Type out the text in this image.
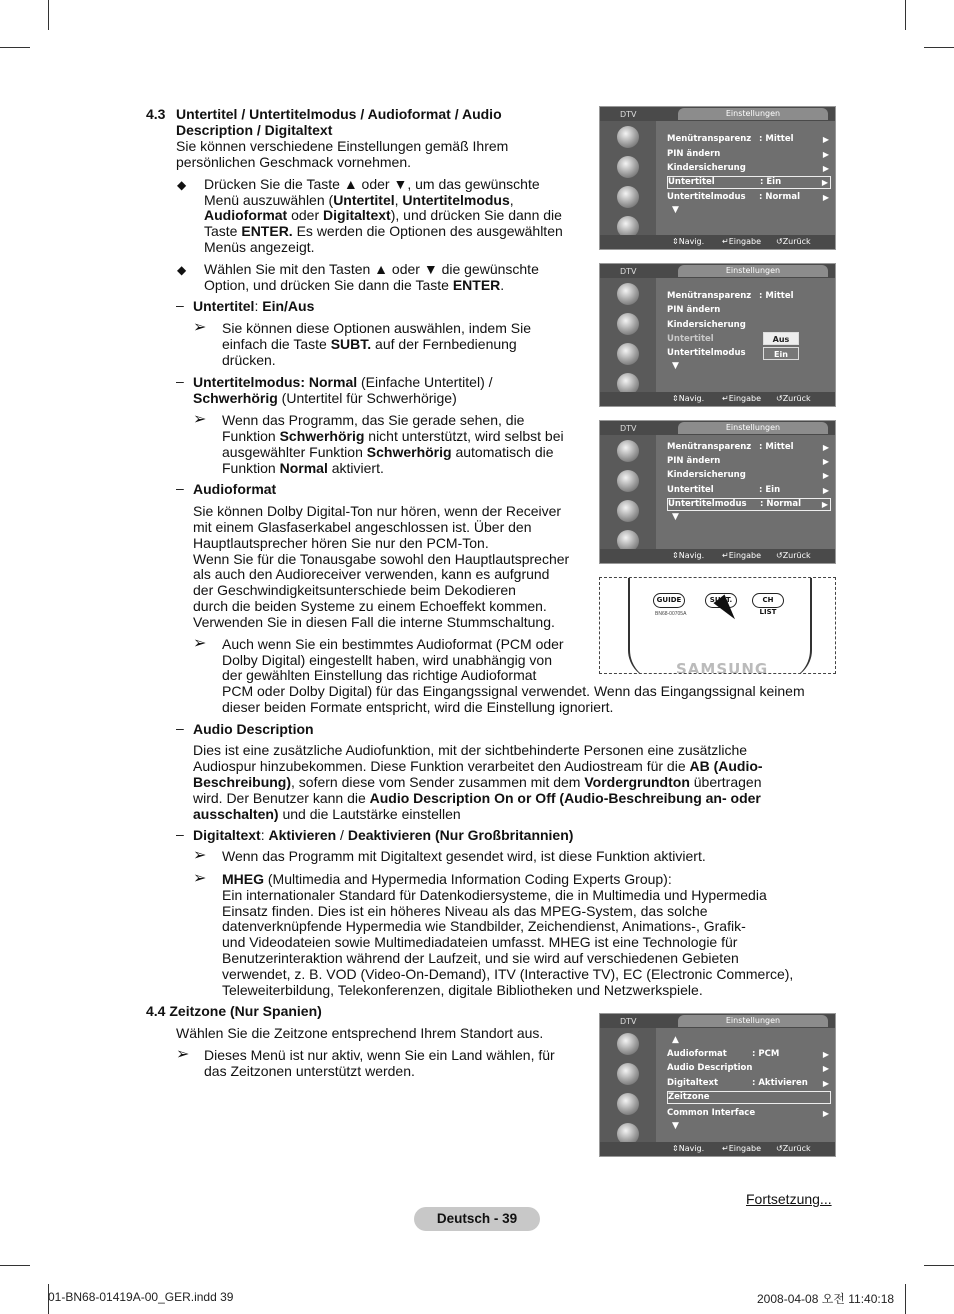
4.3 Untertitel / Untertitelmodus / Audioformat / Audio
Description / Digitaltext
Sie können verschiedene Einstellungen gemäß Ihrem
persönlichen Geschmack vornehmen.
◆ Drücken Sie die Taste ▲ oder ▼, um das gewünschte
Menü auszuwählen (Untertitel, Untertitelmodus,
Audioformat oder Digitaltext), und drücken Sie dann die
Taste ENTER. Es werden die Optionen des ausgewählten
Menüs angezeigt.
◆ Wählen Sie mit den Tasten ▲ oder ▼ die gewünschte
Option, und drücken Sie dann die Taste ENTER.
– Untertitel: Ein/Aus
➢ Sie können diese Optionen auswählen, indem Sie
einfach die Taste SUBT. auf der Fernbedienung
drücken.
– Untertitelmodus: Normal (Einfache Untertitel) /
Schwerhörig (Untertitel für Schwerhörige)
➢ Wenn das Programm, das Sie gerade sehen, die
Funktion Schwerhörig nicht unterstützt, wird selbst bei
ausgewählter Funktion Schwerhörig automatisch die
Funktion Normal aktiviert.
– Audioformat
Sie können Dolby Digital-Ton nur hören, wenn der Receiver
mit einem Glasfaserkabel angeschlossen ist. Über den
Hauptlautsprecher hören Sie nur den PCM-Ton.
Wenn Sie für die Tonausgabe sowohl den Hauptlautsprecher
als auch den Audioreceiver verwenden, kann es aufgrund
der Geschwindigkeitsunterschiede beim Dekodieren
durch die beiden Systeme zu einem Echoeffekt kommen.
Verwenden Sie in diesen Fall die interne Stummschaltung.
➢ Auch wenn Sie ein bestimmtes Audioformat (PCM oder
Dolby Digital) eingestellt haben, wird unabhängig von
der gewählten Einstellung das richtige Audioformat
PCM oder Dolby Digital) für das Eingangssignal verwendet. Wenn das Eingangssignal keinem
dieser beiden Formate entspricht, wird die Einstellung ignoriert.
– Audio Description
Dies ist eine zusätzliche Audiofunktion, mit der sichtbehinderte Personen eine zusätzliche
Audiospur hinzubekommen. Diese Funktion verarbeitet den Audiostream für die AB (Audio-
Beschreibung), sofern diese vom Sender zusammen mit dem Vordergrundton übertragen
wird. Der Benutzer kann die Audio Description On or Off (Audio-Beschreibung an- oder
ausschalten) und die Lautstärke einstellen
– Digitaltext: Aktivieren / Deaktivieren (Nur Großbritannien)
➢ Wenn das Programm mit Digitaltext gesendet wird, ist diese Funktion aktiviert.
➢ MHEG (Multimedia and Hypermedia Information Coding Experts Group):
Ein internationaler Standard für Datenkodiersysteme, die in Multimedia und Hypermedia
Einsatz finden. Dies ist ein höheres Niveau als das MPEG-System, das solche
datenverknüpfende Hypermedia wie Standbilder, Zeichendienst, Animations-, Grafik-
und Videodateien sowie Multimediadateien umfasst. MHEG ist eine Technologie für
Benutzerinteraktion während der Laufzeit, und sie wird auf verschiedenen Gebieten
verwendet, z. B. VOD (Video-On-Demand), ITV (Interactive TV), EC (Electronic Commerce),
Teleweiterbildung, Telekonferenzen, digitale Bibliotheken und Netzwerkspiele.
4.4 Zeitzone (Nur Spanien)
Wählen Sie die Zeitzone entsprechend Ihrem Standort aus.
➢ Dieses Menü ist nur aktiv, wenn Sie ein Land wählen, für
das Zeitzonen unterstützt werden.
DTV	Einstellungen
Menütransparenz : Mittel	▶
PIN ändern	▶
Kindersicherung	▶
Untertitel	: Ein	▶
Untertitelmodus : Normal	▶
▼
⇕ Navig. ↵ Eingabe ↺ Zurück
DTV	Einstellungen
Menütransparenz : Mittel
PIN ändern
Kindersicherung
Untertitel
Untertitelmodus
▼
Aus
Ein
⇕ Navig. ↵ Eingabe ↺ Zurück
DTV	Einstellungen
Menütransparenz : Mittel	▶
PIN ändern	▶
Kindersicherung	▶
Untertitel	: Ein	▶
Untertitelmodus : Normal	▶
▼
⇕ Navig. ↵ Eingabe ↺ Zurück
GUIDE	SUBT.	CH LIST
BN68-00705A
SAMSUNG
DTV	Einstellungen
▲
Audioformat	: PCM	▶
Audio Description	▶
Digitaltext	: Aktivieren ▶
Zeitzone
Common Interface	▶
▼
⇕ Navig. ↵ Eingabe ↺ Zurück
Fortsetzung...
Deutsch - 39
01-BN68-01419A-00_GER.indd 39	2008-04-08 오전 11:40:18
